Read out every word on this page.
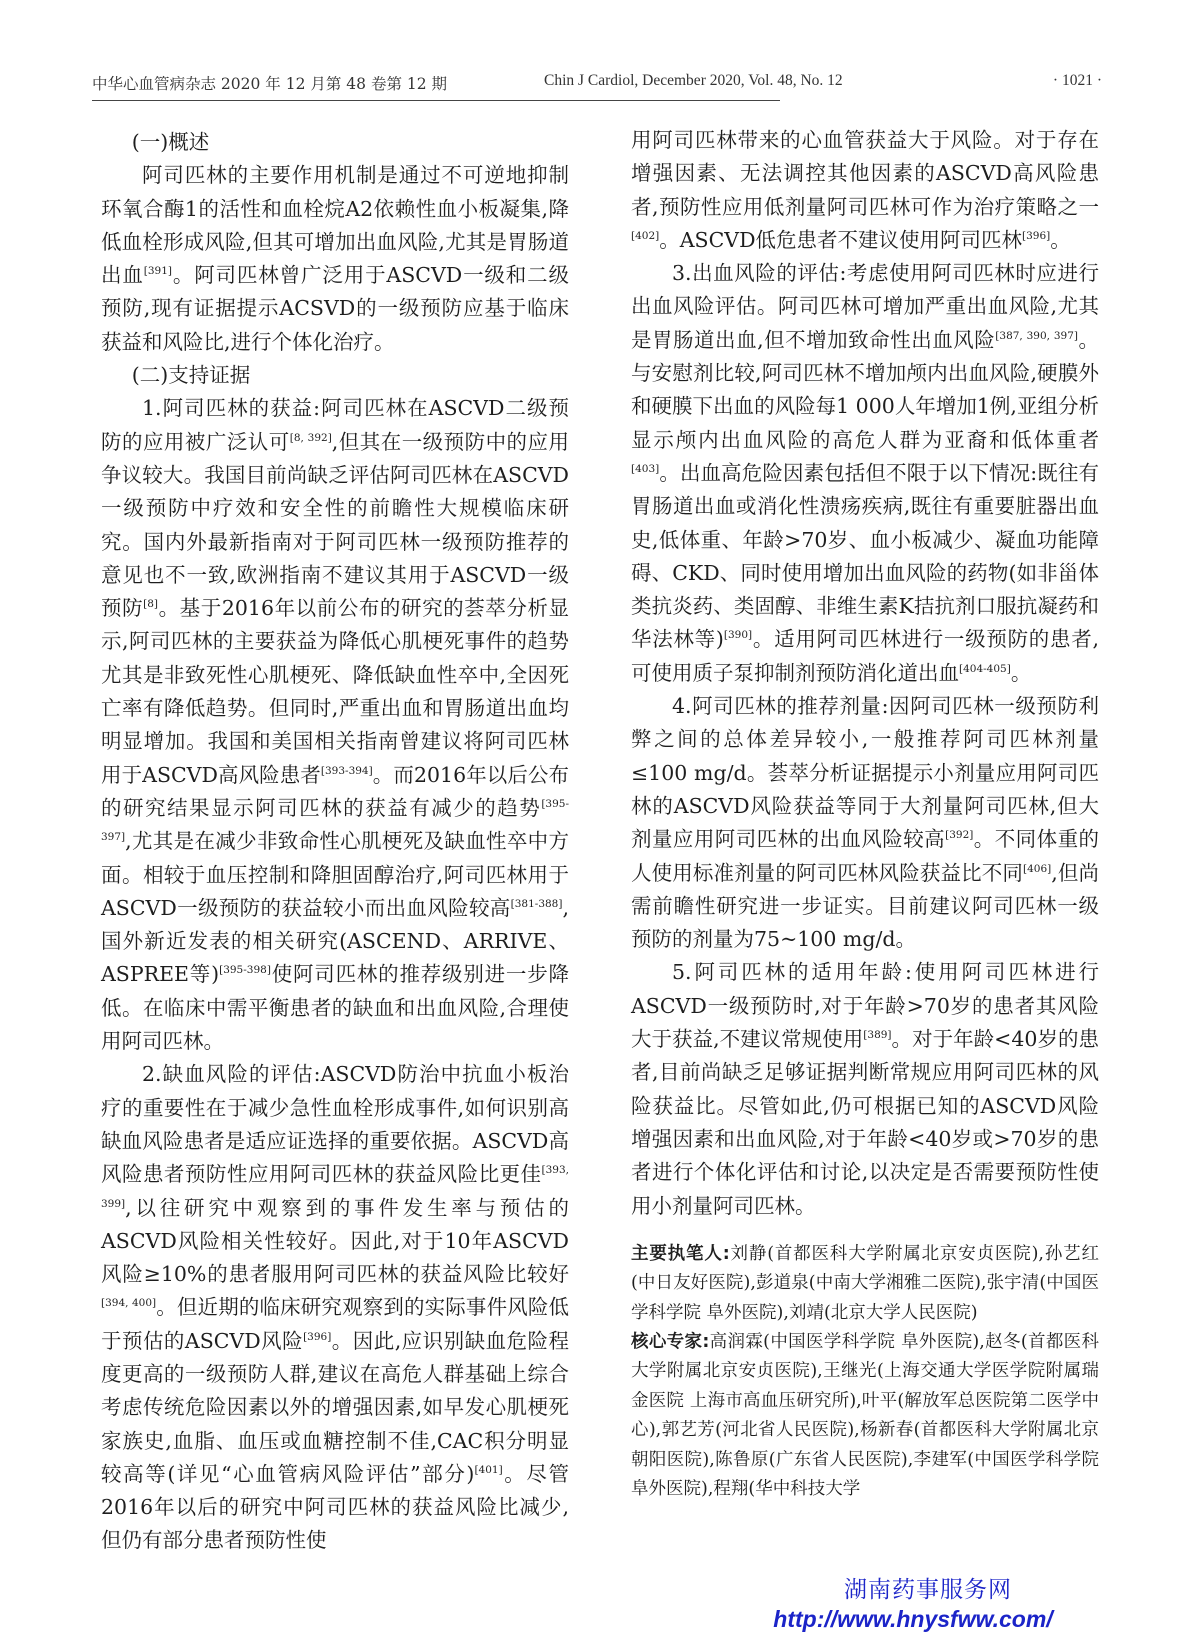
中华心血管病杂志 2020 年 12 月第 48 卷第 12 期	Chin J Cardiol, December 2020, Vol. 48, No. 12	· 1021 ·

(一)概述

阿司匹林的主要作用机制是通过不可逆地抑制环氧合酶1的活性和血栓烷A2依赖性血小板凝集,降低血栓形成风险,但其可增加出血风险,尤其是胃肠道出血[391]。阿司匹林曾广泛用于ASCVD一级和二级预防,现有证据提示ACSVD的一级预防应基于临床获益和风险比,进行个体化治疗。

(二)支持证据

1.阿司匹林的获益:阿司匹林在ASCVD二级预防的应用被广泛认可[8, 392],但其在一级预防中的应用争议较大。我国目前尚缺乏评估阿司匹林在ASCVD一级预防中疗效和安全性的前瞻性大规模临床研究。国内外最新指南对于阿司匹林一级预防推荐的意见也不一致,欧洲指南不建议其用于ASCVD一级预防[8]。基于2016年以前公布的研究的荟萃分析显示,阿司匹林的主要获益为降低心肌梗死事件的趋势尤其是非致死性心肌梗死、降低缺血性卒中,全因死亡率有降低趋势。但同时,严重出血和胃肠道出血均明显增加。我国和美国相关指南曾建议将阿司匹林用于ASCVD高风险患者[393-394]。而2016年以后公布的研究结果显示阿司匹林的获益有减少的趋势[395-397],尤其是在减少非致命性心肌梗死及缺血性卒中方面。相较于血压控制和降胆固醇治疗,阿司匹林用于ASCVD一级预防的获益较小而出血风险较高[381-388],国外新近发表的相关研究(ASCEND、ARRIVE、ASPREE等)[395-398]使阿司匹林的推荐级别进一步降低。在临床中需平衡患者的缺血和出血风险,合理使用阿司匹林。

2.缺血风险的评估:ASCVD防治中抗血小板治疗的重要性在于减少急性血栓形成事件,如何识别高缺血风险患者是适应证选择的重要依据。ASCVD高风险患者预防性应用阿司匹林的获益风险比更佳[393, 399],以往研究中观察到的事件发生率与预估的ASCVD风险相关性较好。因此,对于10年ASCVD风险≥10%的患者服用阿司匹林的获益风险比较好[394, 400]。但近期的临床研究观察到的实际事件风险低于预估的ASCVD风险[396]。因此,应识别缺血危险程度更高的一级预防人群,建议在高危人群基础上综合考虑传统危险因素以外的增强因素,如早发心肌梗死家族史,血脂、血压或血糖控制不佳,CAC积分明显较高等(详见“心血管病风险评估”部分)[401]。尽管2016年以后的研究中阿司匹林的获益风险比减少,但仍有部分患者预防性使

用阿司匹林带来的心血管获益大于风险。对于存在增强因素、无法调控其他因素的ASCVD高风险患者,预防性应用低剂量阿司匹林可作为治疗策略之一[402]。ASCVD低危患者不建议使用阿司匹林[396]。

3.出血风险的评估:考虑使用阿司匹林时应进行出血风险评估。阿司匹林可增加严重出血风险,尤其是胃肠道出血,但不增加致命性出血风险[387, 390, 397]。与安慰剂比较,阿司匹林不增加颅内出血风险,硬膜外和硬膜下出血的风险每1 000人年增加1例,亚组分析显示颅内出血风险的高危人群为亚裔和低体重者[403]。出血高危险因素包括但不限于以下情况:既往有胃肠道出血或消化性溃疡疾病,既往有重要脏器出血史,低体重、年龄>70岁、血小板减少、凝血功能障碍、CKD、同时使用增加出血风险的药物(如非甾体类抗炎药、类固醇、非维生素K拮抗剂口服抗凝药和华法林等)[390]。适用阿司匹林进行一级预防的患者,可使用质子泵抑制剂预防消化道出血[404-405]。

4.阿司匹林的推荐剂量:因阿司匹林一级预防利弊之间的总体差异较小,一般推荐阿司匹林剂量≤100 mg/d。荟萃分析证据提示小剂量应用阿司匹林的ASCVD风险获益等同于大剂量阿司匹林,但大剂量应用阿司匹林的出血风险较高[392]。不同体重的人使用标准剂量的阿司匹林风险获益比不同[406],但尚需前瞻性研究进一步证实。目前建议阿司匹林一级预防的剂量为75~100 mg/d。

5.阿司匹林的适用年龄:使用阿司匹林进行ASCVD一级预防时,对于年龄>70岁的患者其风险大于获益,不建议常规使用[389]。对于年龄<40岁的患者,目前尚缺乏足够证据判断常规应用阿司匹林的风险获益比。尽管如此,仍可根据已知的ASCVD风险增强因素和出血风险,对于年龄<40岁或>70岁的患者进行个体化评估和讨论,以决定是否需要预防性使用小剂量阿司匹林。

主要执笔人:刘静(首都医科大学附属北京安贞医院),孙艺红(中日友好医院),彭道泉(中南大学湘雅二医院),张宇清(中国医学科学院 阜外医院),刘靖(北京大学人民医院)

核心专家:高润霖(中国医学科学院 阜外医院),赵冬(首都医科大学附属北京安贞医院),王继光(上海交通大学医学院附属瑞金医院 上海市高血压研究所),叶平(解放军总医院第二医学中心),郭艺芳(河北省人民医院),杨新春(首都医科大学附属北京朝阳医院),陈鲁原(广东省人民医院),李建军(中国医学科学院 阜外医院),程翔(华中科技大学

湖南药事服务网
http://www.hnysfww.com/
